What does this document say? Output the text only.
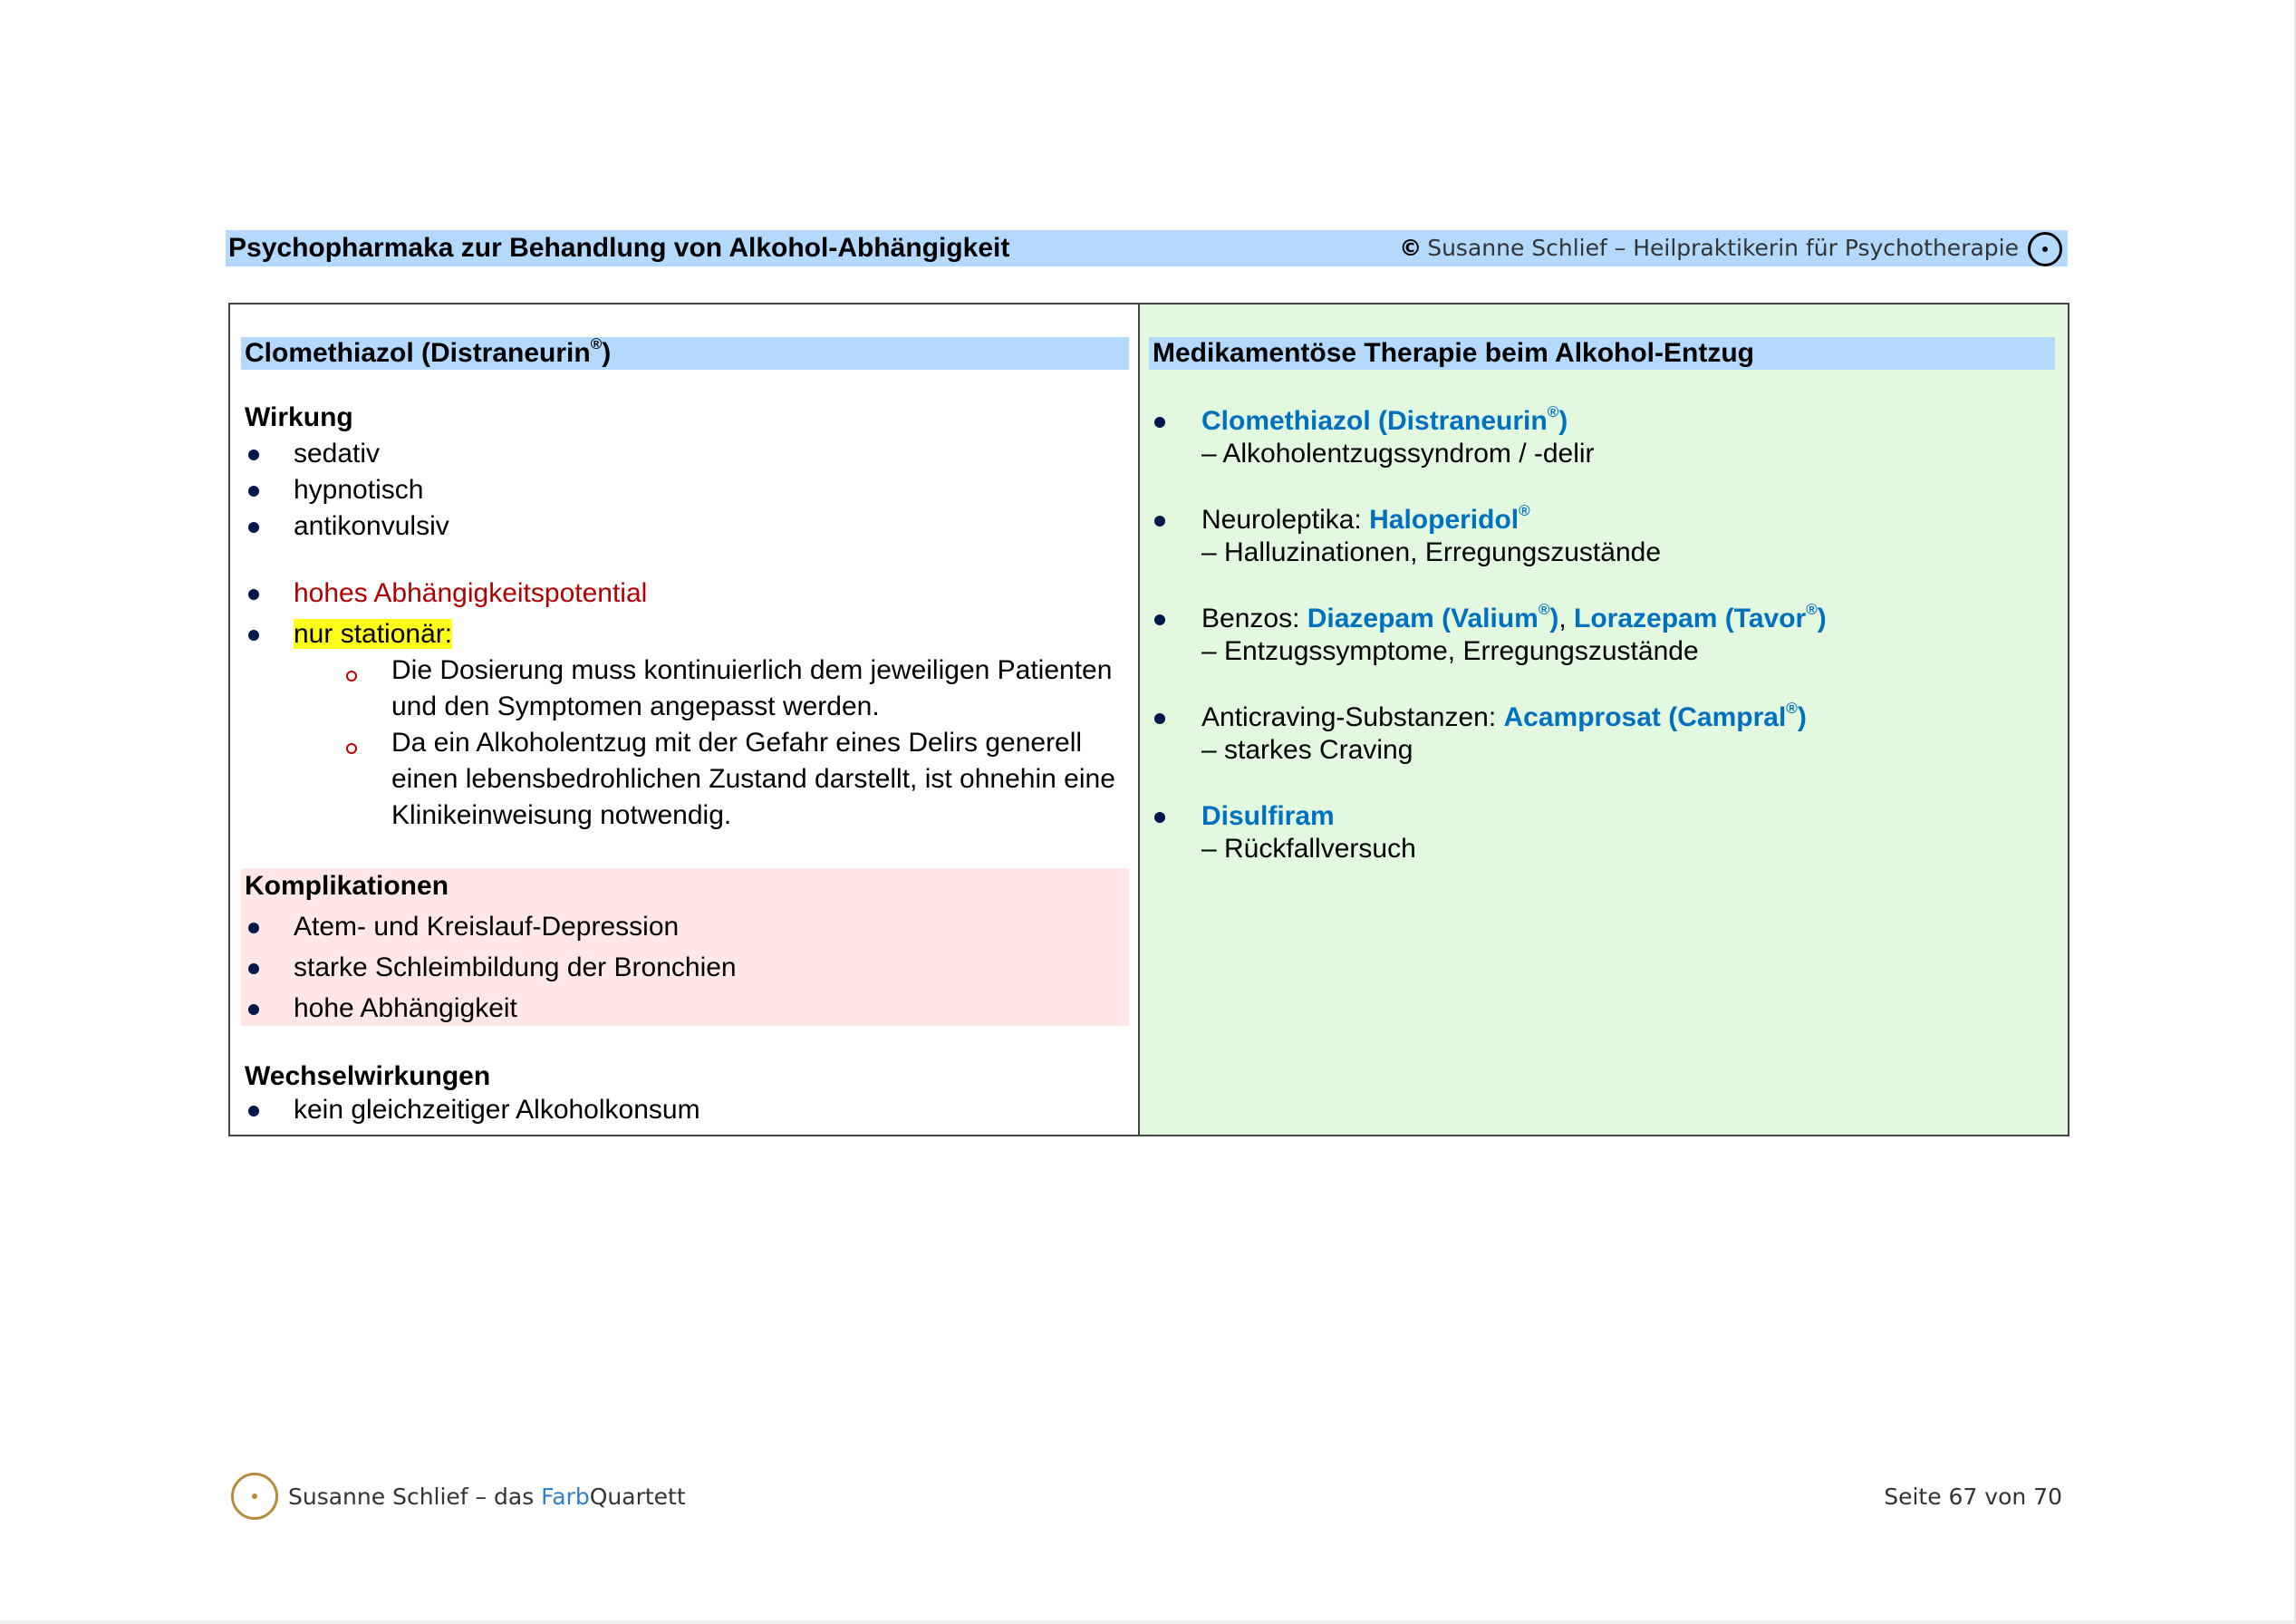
Psychopharmaka zur Behandlung von Alkohol-Abhängigkeit	© Susanne Schlief – Heilpraktikerin für Psychotherapie
Clomethiazol (Distraneurin®)
Wirkung
sedativ
hypnotisch
antikonvulsiv
hohes Abhängigkeitspotential
nur stationär:
Die Dosierung muss kontinuierlich dem jeweiligen Patienten und den Symptomen angepasst werden.
Da ein Alkoholentzug mit der Gefahr eines Delirs generell einen lebensbedrohlichen Zustand darstellt, ist ohnehin eine Klinikeinweisung notwendig.
Komplikationen
Atem- und Kreislauf-Depression
starke Schleimbildung der Bronchien
hohe Abhängigkeit
Wechselwirkungen
kein gleichzeitiger Alkoholkonsum
Medikamentöse Therapie beim Alkohol-Entzug
Clomethiazol (Distraneurin®)
– Alkoholentzugssyndrom / -delir
Neuroleptika: Haloperidol®
– Halluzinationen, Erregungszustände
Benzos: Diazepam (Valium®), Lorazepam (Tavor®)
– Entzugssymptome, Erregungszustände
Anticraving-Substanzen: Acamprosat (Campral®)
– starkes Craving
Disulfiram
– Rückfallversuch
Susanne Schlief – das FarbQuartett	Seite 67 von 70
